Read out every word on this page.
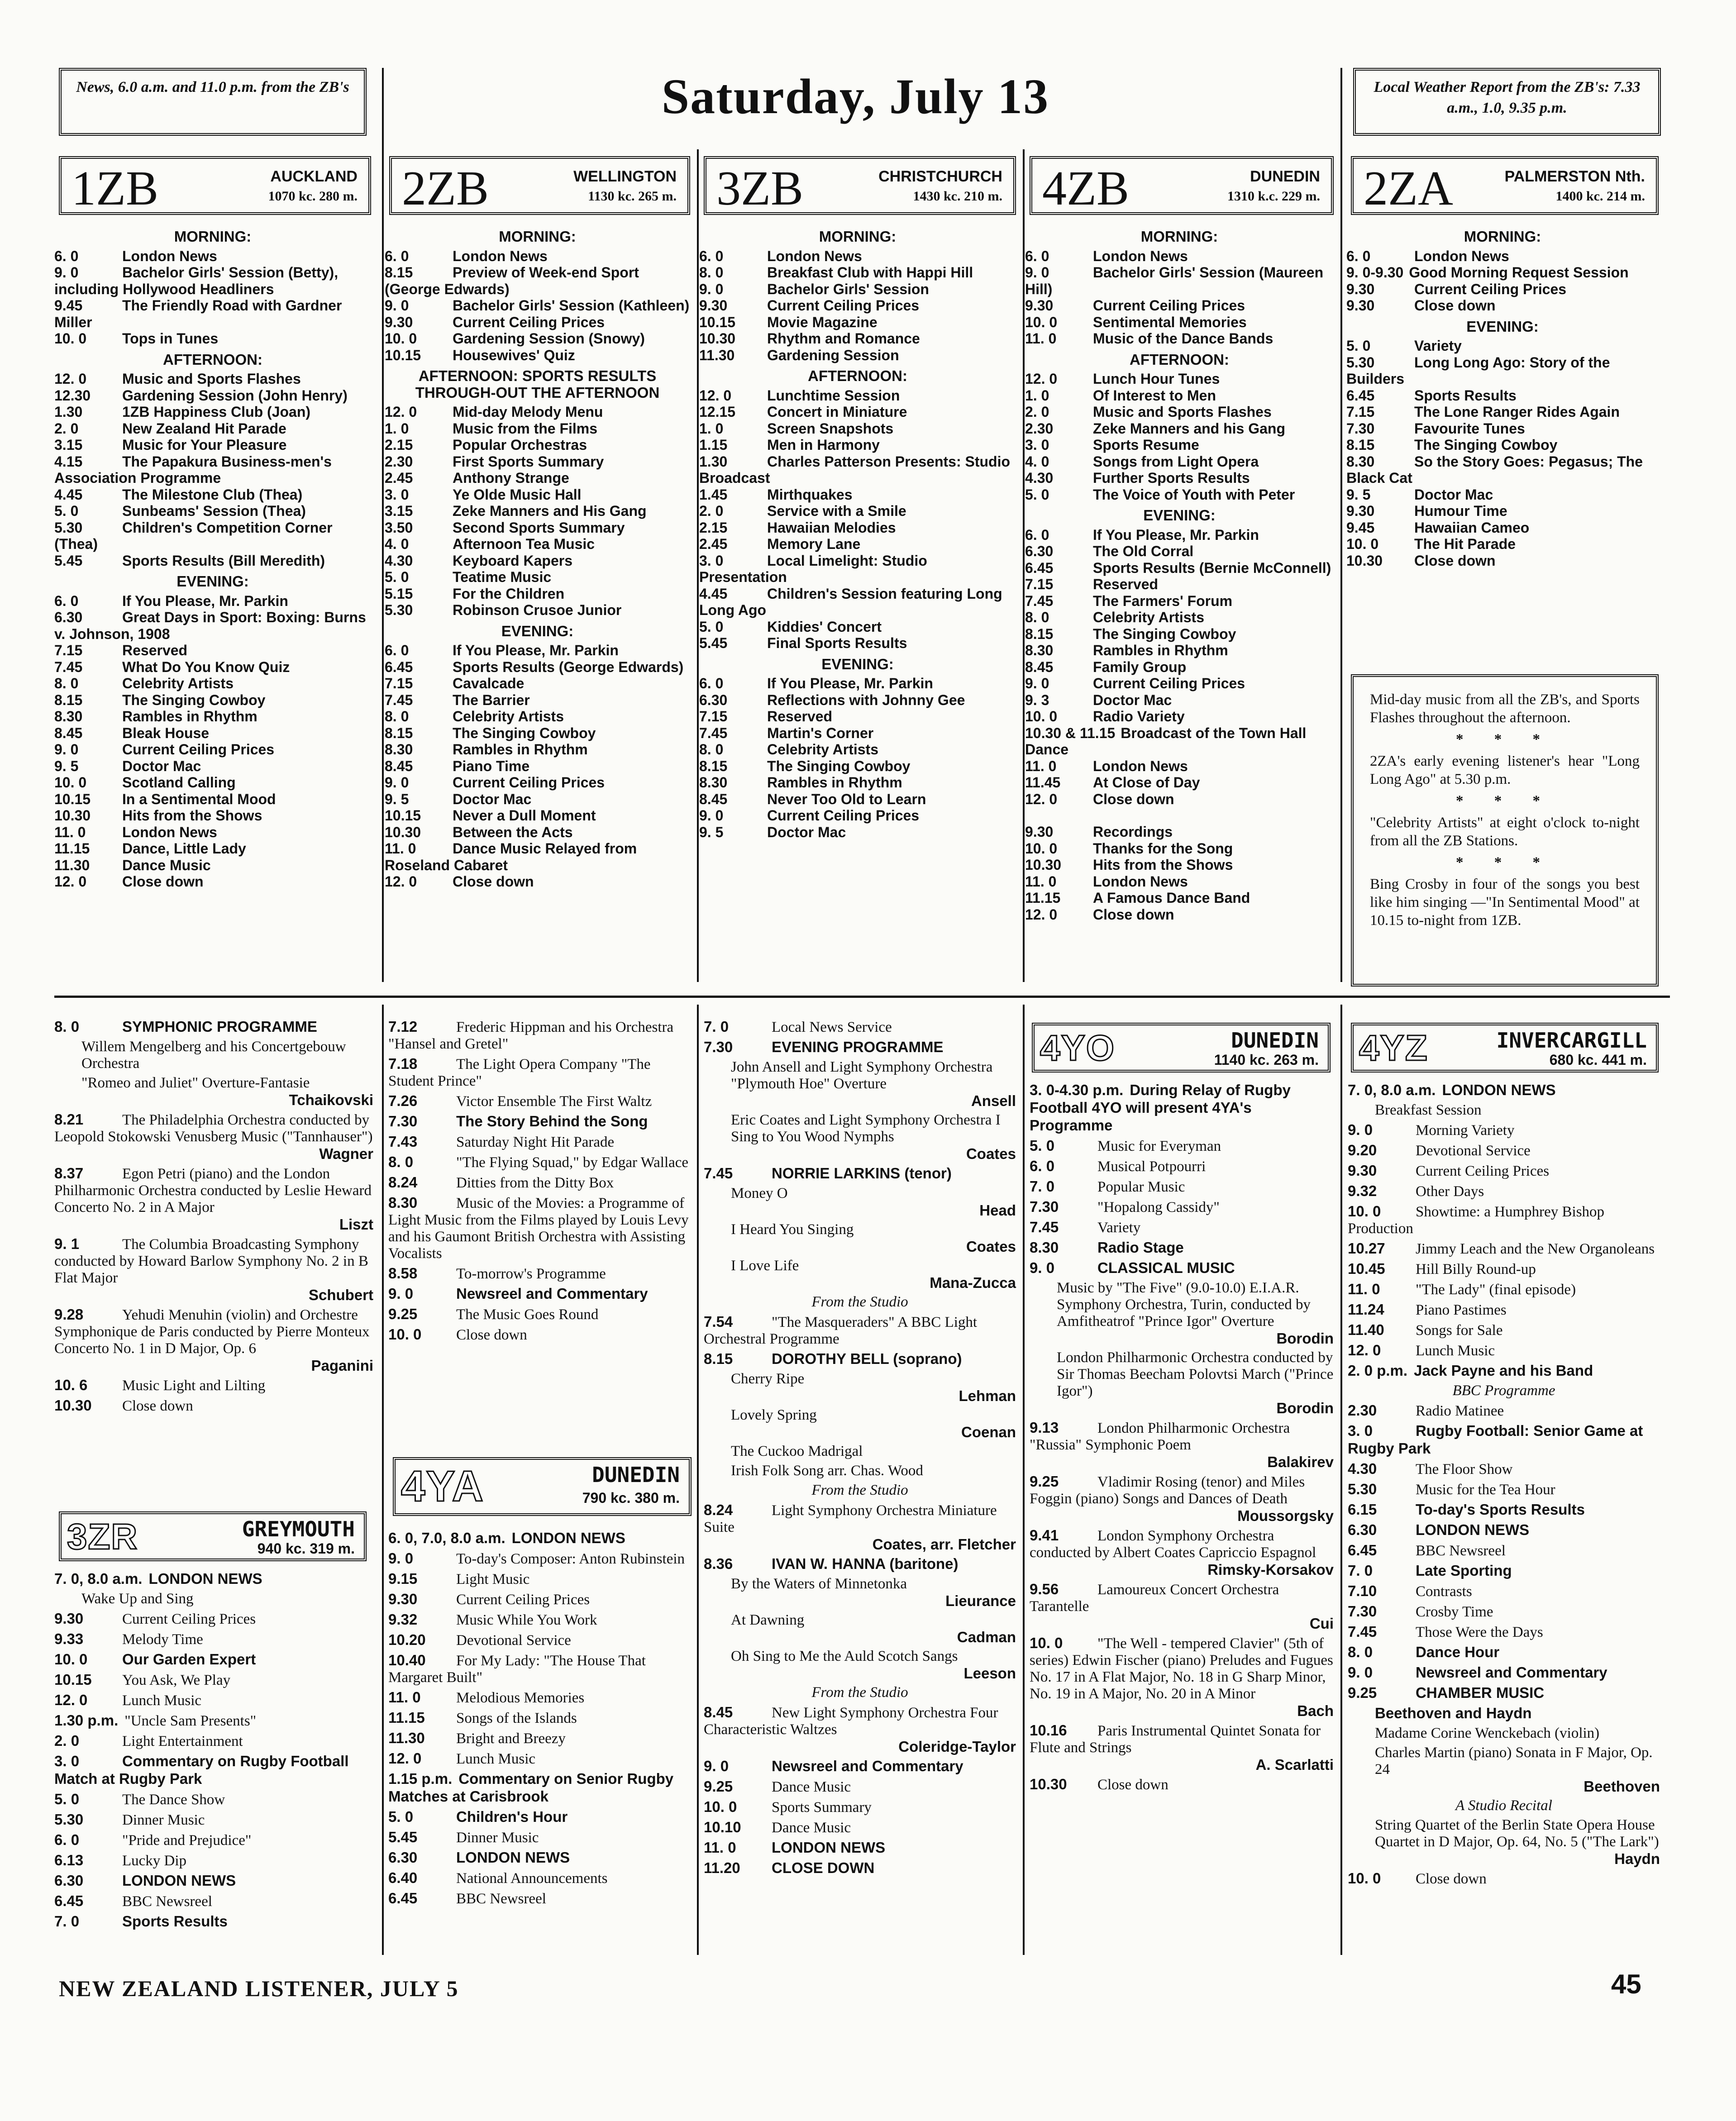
News, 6.0 a.m. and 11.0 p.m. from the ZB's	Saturday, July 13	Local Weather Report from the ZB's: 7.33 a.m., 1.0, 9.35 p.m.
1ZB	AUCKLAND
1070 kc. 280 m.
MORNING:
6. 0	London News
9. 0	Bachelor Girls' Session (Betty), including Hollywood Headliners
9.45	The Friendly Road with Gardner Miller
10. 0 Tops in Tunes
AFTERNOON:
12. 0 Music and Sports Flashes
12.30 Gardening Session (John Henry)
1.30	1ZB Happiness Club (Joan)
2. 0	New Zealand Hit Parade
3.15	Music for Your Pleasure
4.15	The Papakura Business-men's Association Programme
4.45	The Milestone Club (Thea)
5. 0	Sunbeams' Session (Thea)
5.30	Children's Competition Corner (Thea)
5.45	Sports Results (Bill Meredith)
EVENING:
6. 0	If You Please, Mr. Parkin
6.30	Great Days in Sport: Boxing: Burns v. Johnson, 1908
7.15	Reserved
7.45	What Do You Know Quiz
8. 0	Celebrity Artists
8.15	The Singing Cowboy
8.30	Rambles in Rhythm
8.45	Bleak House
9. 0	Current Ceiling Prices
9. 5	Doctor Mac
10. 0 Scotland Calling
10.15 In a Sentimental Mood
10.30 Hits from the Shows
11. 0	London News
11.15 Dance, Little Lady
11.30 Dance Music
12. 0 Close down
2ZB	WELLINGTON
1130 kc. 265 m.
MORNING:
6. 0	London News
8.15	Preview of Week-end Sport (George Edwards)
9. 0	Bachelor Girls' Session (Kathleen)
9.30	Current Ceiling Prices
10. 0 Gardening Session (Snowy)
10.15 Housewives' Quiz
AFTERNOON: SPORTS RESULTS THROUGH-OUT THE AFTERNOON
12. 0 Mid-day Melody Menu
1. 0	Music from the Films
2.15	Popular Orchestras
2.30	First Sports Summary
2.45	Anthony Strange
3. 0	Ye Olde Music Hall
3.15	Zeke Manners and His Gang
3.50	Second Sports Summary
4. 0	Afternoon Tea Music
4.30	Keyboard Kapers
5. 0	Teatime Music
5.15	For the Children
5.30	Robinson Crusoe Junior
EVENING:
6. 0	If You Please, Mr. Parkin
6.45	Sports Results (George Edwards)
7.15	Cavalcade
7.45	The Barrier
8. 0	Celebrity Artists
8.15	The Singing Cowboy
8.30	Rambles in Rhythm
8.45	Piano Time
9. 0	Current Ceiling Prices
9. 5	Doctor Mac
10.15 Never a Dull Moment
10.30 Between the Acts
11. 0	Dance Music Relayed from Roseland Cabaret
12. 0 Close down
3ZB	CHRISTCHURCH
1430 kc. 210 m.
MORNING:
6. 0	London News
8. 0	Breakfast Club with Happi Hill
9. 0	Bachelor Girls' Session
9.30	Current Ceiling Prices
10.15 Movie Magazine
10.30 Rhythm and Romance
11.30 Gardening Session
AFTERNOON:
12. 0 Lunchtime Session
12.15 Concert in Miniature
1. 0	Screen Snapshots
1.15	Men in Harmony
1.30	Charles Patterson Presents: Studio Broadcast
1.45	Mirthquakes
2. 0	Service with a Smile
2.15	Hawaiian Melodies
2.45	Memory Lane
3. 0	Local Limelight: Studio Presentation
4.45	Children's Session featuring Long Long Ago
5. 0	Kiddies' Concert
5.45	Final Sports Results
EVENING:
6. 0	If You Please, Mr. Parkin
6.30	Reflections with Johnny Gee
7.15	Reserved
7.45	Martin's Corner
8. 0	Celebrity Artists
8.15	The Singing Cowboy
8.30	Rambles in Rhythm
8.45	Never Too Old to Learn
9. 0	Current Ceiling Prices
9. 5	Doctor Mac
4ZB	DUNEDIN
1310 k.c. 229 m.
MORNING:
6. 0	London News
9. 0	Bachelor Girls' Session (Maureen Hill)
9.30	Current Ceiling Prices
10. 0 Sentimental Memories
11. 0	Music of the Dance Bands
AFTERNOON:
12. 0 Lunch Hour Tunes
1. 0	Of Interest to Men
2. 0	Music and Sports Flashes
2.30	Zeke Manners and his Gang
3. 0	Sports Resume
4. 0	Songs from Light Opera
4.30	Further Sports Results
5. 0	The Voice of Youth with Peter
EVENING:
6. 0	If You Please, Mr. Parkin
6.30	The Old Corral
6.45	Sports Results (Bernie McConnell)
7.15	Reserved
7.45	The Farmers' Forum
8. 0	Celebrity Artists
8.15	The Singing Cowboy
8.30	Rambles in Rhythm
8.45	Family Group
9. 0	Current Ceiling Prices
9. 3	Doctor Mac
10. 0 Radio Variety
10.30 & 11.15 Broadcast of the Town Hall Dance
11. 0	London News
11.45 At Close of Day
12. 0 Close down
9.30	Recordings
10. 0 Thanks for the Song
10.30 Hits from the Shows
11. 0	London News
11.15 A Famous Dance Band
12. 0 Close down
2ZA	PALMERSTON Nth.
1400 kc. 214 m.
MORNING:
6. 0	London News
9. 0-9.30 Good Morning Request Session
9.30	Current Ceiling Prices
9.30	Close down
EVENING:
5. 0	Variety
5.30	Long Long Ago: Story of the Builders
6.45	Sports Results
7.15	The Lone Ranger Rides Again
7.30	Favourite Tunes
8.15	The Singing Cowboy
8.30	So the Story Goes: Pegasus; The Black Cat
9. 5	Doctor Mac
9.30	Humour Time
9.45	Hawaiian Cameo
10. 0 The Hit Parade
10.30 Close down
Mid-day music from all the ZB's, and Sports Flashes throughout the afternoon.
* * *
2ZA's early evening listener's hear "Long Long Ago" at 5.30 p.m.
* * *
"Celebrity Artists" at eight o'clock to-night from all the ZB Stations.
* * *
Bing Crosby in four of the songs you best like him singing —"In Sentimental Mood" at 10.15 to-night from 1ZB.
8. 0	SYMPHONIC PROGRAMME
Willem Mengelberg and his Concertgebouw Orchestra
"Romeo and Juliet" Overture-Fantasie
Tchaikovski
8.21	The Philadelphia Orchestra conducted by Leopold Stokowski Venusberg Music ("Tannhauser")
Wagner
8.37	Egon Petri (piano) and the London Philharmonic Orchestra conducted by Leslie Heward Concerto No. 2 in A Major
Liszt
9. 1	The Columbia Broadcasting Symphony conducted by Howard Barlow Symphony No. 2 in B Flat Major
Schubert
9.28	Yehudi Menuhin (violin) and Orchestre Symphonique de Paris conducted by Pierre Monteux Concerto No. 1 in D Major, Op. 6
Paganini
10. 6 Music Light and Lilting
10.30 Close down
3ZR	GREYMOUTH
940 kc. 319 m.
7. 0, 8.0 a.m. LONDON NEWS
Wake Up and Sing
9.30	Current Ceiling Prices
9.33	Melody Time
10. 0 Our Garden Expert
10.15 You Ask, We Play
12. 0 Lunch Music
1.30 p.m. "Uncle Sam Presents"
2. 0	Light Entertainment
3. 0	Commentary on Rugby Football Match at Rugby Park
5. 0	The Dance Show
5.30	Dinner Music
6. 0	"Pride and Prejudice"
6.13	Lucky Dip
6.30	LONDON NEWS
6.45	BBC Newsreel
7. 0	Sports Results
7.12	Frederic Hippman and his Orchestra "Hansel and Gretel"
7.18	The Light Opera Company "The Student Prince"
7.26	Victor Ensemble The First Waltz
7.30	The Story Behind the Song
7.43	Saturday Night Hit Parade
8. 0	"The Flying Squad," by Edgar Wallace
8.24	Ditties from the Ditty Box
8.30	Music of the Movies: a Programme of Light Music from the Films played by Louis Levy and his Gaumont British Orchestra with Assisting Vocalists
8.58	To-morrow's Programme
9. 0	Newsreel and Commentary
9.25	The Music Goes Round
10. 0 Close down
4YA	DUNEDIN
790 kc. 380 m.
6. 0, 7.0, 8.0 a.m. LONDON NEWS
9. 0	To-day's Composer: Anton Rubinstein
9.15	Light Music
9.30	Current Ceiling Prices
9.32	Music While You Work
10.20 Devotional Service
10.40 For My Lady: "The House That Margaret Built"
11. 0 Melodious Memories
11.15 Songs of the Islands
11.30 Bright and Breezy
12. 0 Lunch Music
1.15 p.m. Commentary on Senior Rugby Matches at Carisbrook
5. 0	Children's Hour
5.45	Dinner Music
6.30	LONDON NEWS
6.40	National Announcements
6.45	BBC Newsreel
7. 0	Local News Service
7.30	EVENING PROGRAMME
John Ansell and Light Symphony Orchestra "Plymouth Hoe" Overture
Ansell
Eric Coates and Light Symphony Orchestra I Sing to You Wood Nymphs
Coates
7.45	NORRIE LARKINS (tenor)
Money O
Head
I Heard You Singing
Coates
I Love Life
Mana-Zucca
From the Studio
7.54	"The Masqueraders" A BBC Light Orchestral Programme
8.15	DOROTHY BELL (soprano)
Cherry Ripe
Lehman
Lovely Spring
Coenan
The Cuckoo Madrigal
Irish Folk Song arr. Chas. Wood
From the Studio
8.24	Light Symphony Orchestra Miniature Suite
Coates, arr. Fletcher
8.36	IVAN W. HANNA (baritone)
By the Waters of Minnetonka
Lieurance
At Dawning
Cadman
Oh Sing to Me the Auld Scotch Sangs
Leeson
From the Studio
8.45	New Light Symphony Orchestra Four Characteristic Waltzes
Coleridge-Taylor
9. 0	Newsreel and Commentary
9.25	Dance Music
10. 0 Sports Summary
10.10 Dance Music
11. 0 LONDON NEWS
11.20 CLOSE DOWN
4YO	DUNEDIN
1140 kc. 263 m.
3. 0-4.30 p.m. During Relay of Rugby Football 4YO will present 4YA's Programme
5. 0	Music for Everyman
6. 0	Musical Potpourri
7. 0	Popular Music
7.30	"Hopalong Cassidy"
7.45	Variety
8.30	Radio Stage
9. 0	CLASSICAL MUSIC
Music by "The Five" (9.0-10.0) E.I.A.R. Symphony Orchestra, Turin, conducted by Amfitheatrof "Prince Igor" Overture
Borodin
London Philharmonic Orchestra conducted by Sir Thomas Beecham Polovtsi March ("Prince Igor")
Borodin
9.13	London Philharmonic Orchestra "Russia" Symphonic Poem
Balakirev
9.25	Vladimir Rosing (tenor) and Miles Foggin (piano) Songs and Dances of Death
Moussorgsky
9.41	London Symphony Orchestra conducted by Albert Coates Capriccio Espagnol
Rimsky-Korsakov
9.56	Lamoureux Concert Orchestra Tarantelle
Cui
10. 0 "The Well - tempered Clavier" (5th of series) Edwin Fischer (piano) Preludes and Fugues No. 17 in A Flat Major, No. 18 in G Sharp Minor, No. 19 in A Major, No. 20 in A Minor
Bach
10.16 Paris Instrumental Quintet Sonata for Flute and Strings
A. Scarlatti
10.30 Close down
4YZ	INVERCARGILL
680 kc. 441 m.
7. 0, 8.0 a.m. LONDON NEWS
Breakfast Session
9. 0	Morning Variety
9.20	Devotional Service
9.30	Current Ceiling Prices
9.32	Other Days
10. 0 Showtime: a Humphrey Bishop Production
10.27 Jimmy Leach and the New Organoleans
10.45 Hill Billy Round-up
11. 0 "The Lady" (final episode)
11.24 Piano Pastimes
11.40 Songs for Sale
12. 0 Lunch Music
2. 0 p.m. Jack Payne and his Band
BBC Programme
2.30	Radio Matinee
3. 0	Rugby Football: Senior Game at Rugby Park
4.30	The Floor Show
5.30	Music for the Tea Hour
6.15	To-day's Sports Results
6.30	LONDON NEWS
6.45	BBC Newsreel
7. 0	Late Sporting
7.10	Contrasts
7.30	Crosby Time
7.45	Those Were the Days
8. 0	Dance Hour
9. 0	Newsreel and Commentary
9.25	CHAMBER MUSIC
Beethoven and Haydn
Madame Corine Wenckebach (violin)
Charles Martin (piano) Sonata in F Major, Op. 24
Beethoven
A Studio Recital
String Quartet of the Berlin State Opera House Quartet in D Major, Op. 64, No. 5 ("The Lark")
Haydn
10. 0 Close down
NEW ZEALAND LISTENER, JULY 5	45
